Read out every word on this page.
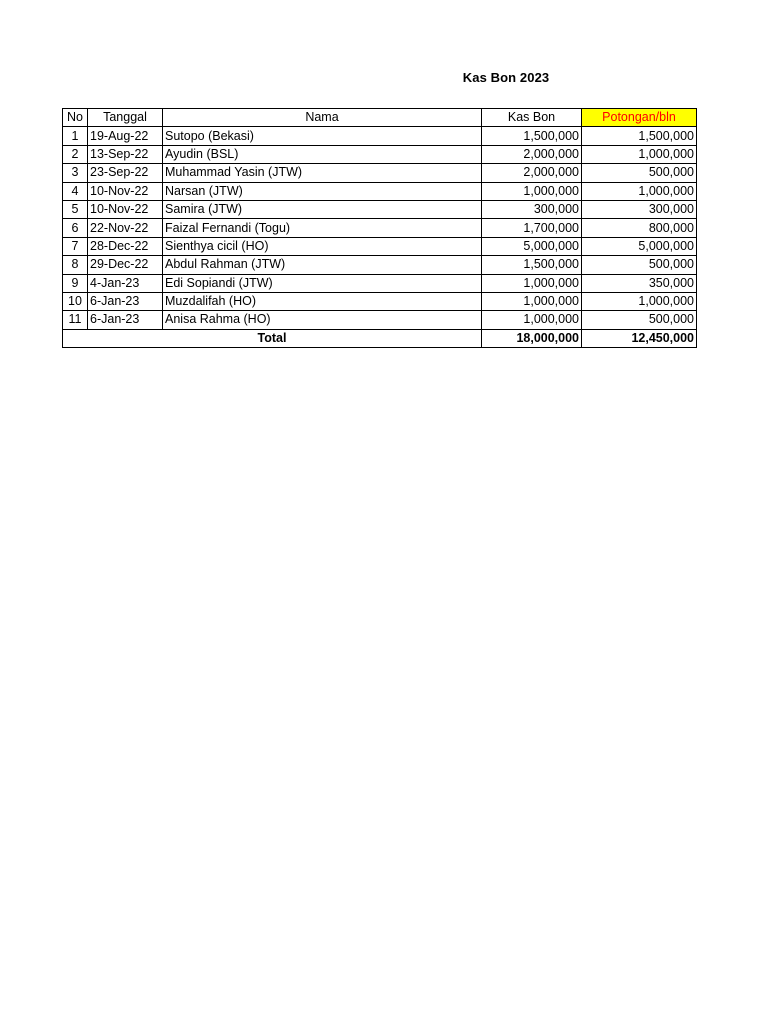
Kas Bon 2023
No	Tanggal	Nama	Kas Bon	Potongan/bln
1	19-Aug-22	Sutopo (Bekasi)	1,500,000	1,500,000
2	13-Sep-22	Ayudin (BSL)	2,000,000	1,000,000
3	23-Sep-22	Muhammad Yasin (JTW)	2,000,000	500,000
4	10-Nov-22	Narsan (JTW)	1,000,000	1,000,000
5	10-Nov-22	Samira (JTW)	300,000	300,000
6	22-Nov-22	Faizal Fernandi (Togu)	1,700,000	800,000
7	28-Dec-22	Sienthya cicil (HO)	5,000,000	5,000,000
8	29-Dec-22	Abdul Rahman (JTW)	1,500,000	500,000
9	4-Jan-23	Edi Sopiandi (JTW)	1,000,000	350,000
10	6-Jan-23	Muzdalifah (HO)	1,000,000	1,000,000
11	6-Jan-23	Anisa Rahma (HO)	1,000,000	500,000
Total			18,000,000	12,450,000
